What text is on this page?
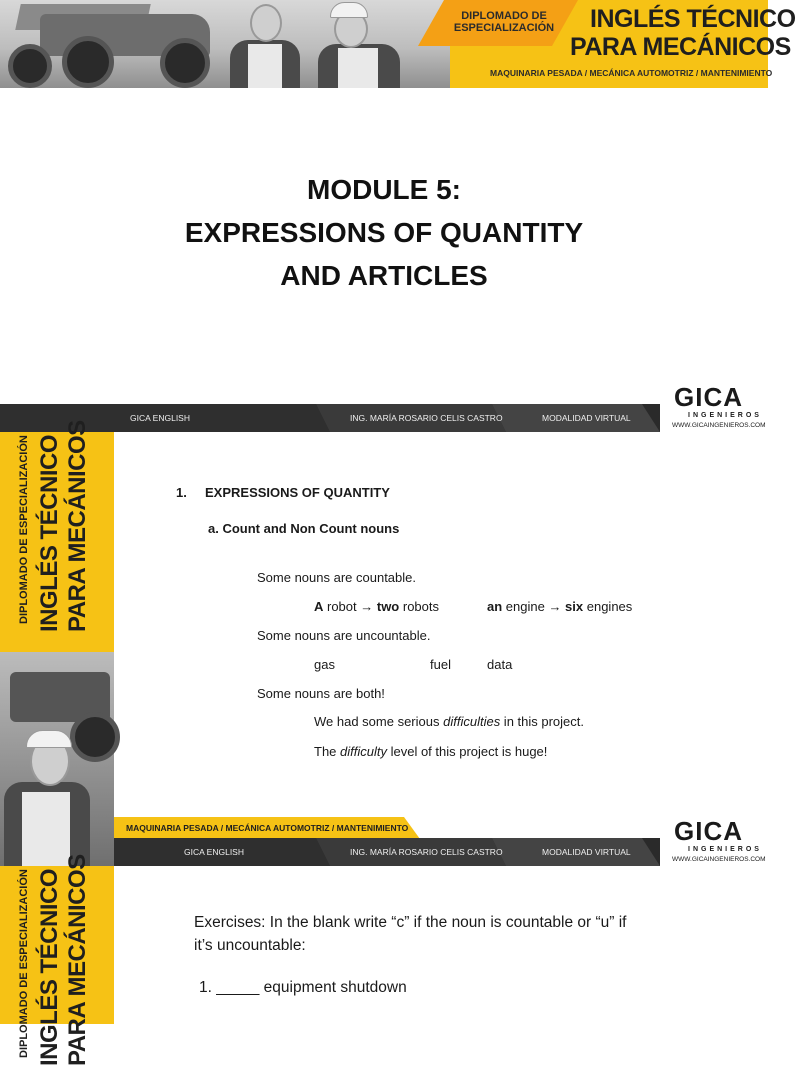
DIPLOMADO DE
ESPECIALIZACIÓN INGLÉS TÉCNICO
PARA MECÁNICOS
MAQUINARIA PESADA / MECÁNICA AUTOMOTRIZ / MANTENIMIENTO
MODULE 5:
EXPRESSIONS OF QUANTITY
AND ARTICLES
GICA ENGLISH	ING. MARÍA ROSARIO CELIS CASTRO	MODALIDAD VIRTUAL
GICA
INGENIEROS
WWW.GICAINGENIEROS.COM
DIPLOMADO DE ESPECIALIZACIÓN INGLÉS TÉCNICO PARA MECÁNICOS	1. EXPRESSIONS OF QUANTITY
a. Count and Non Count nouns
Some nouns are countable.
A robot → two robots	an engine → six engines
Some nouns are uncountable.
gas	fuel	data
Some nouns are both!
We had some serious difficulties in this project.
The difficulty level of this project is huge!
MAQUINARIA PESADA / MECÁNICA AUTOMOTRIZ / MANTENIMIENTO
GICA ENGLISH	ING. MARÍA ROSARIO CELIS CASTRO	MODALIDAD VIRTUAL
GICA
INGENIEROS
WWW.GICAINGENIEROS.COM
DIPLOMADO DE ESPECIALIZACIÓN INGLÉS TÉCNICO PARA MECÁNICOS	Exercises: In the blank write “c” if the noun is countable or “u” if
it’s uncountable:
1. _____ equipment shutdown
